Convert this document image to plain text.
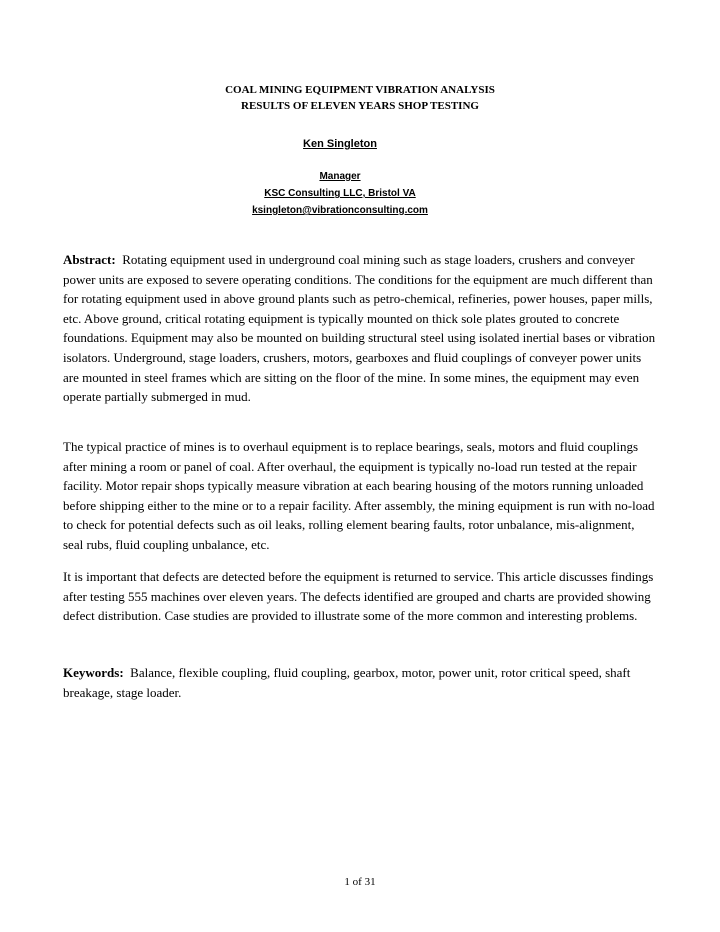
COAL MINING EQUIPMENT VIBRATION ANALYSIS
RESULTS OF ELEVEN YEARS SHOP TESTING
Ken Singleton
Manager
KSC Consulting LLC, Bristol VA
ksingleton@vibrationconsulting.com

Abstract: Rotating equipment used in underground coal mining such as stage loaders, crushers and conveyer power units are exposed to severe operating conditions. The conditions for the equipment are much different than for rotating equipment used in above ground plants such as petro-chemical, refineries, power houses, paper mills, etc. Above ground, critical rotating equipment is typically mounted on thick sole plates grouted to concrete foundations. Equipment may also be mounted on building structural steel using isolated inertial bases or vibration isolators. Underground, stage loaders, crushers, motors, gearboxes and fluid couplings of conveyer power units are mounted in steel frames which are sitting on the floor of the mine. In some mines, the equipment may even operate partially submerged in mud.

The typical practice of mines is to overhaul equipment is to replace bearings, seals, motors and fluid couplings after mining a room or panel of coal. After overhaul, the equipment is typically no-load run tested at the repair facility. Motor repair shops typically measure vibration at each bearing housing of the motors running unloaded before shipping either to the mine or to a repair facility. After assembly, the mining equipment is run with no-load to check for potential defects such as oil leaks, rolling element bearing faults, rotor unbalance, mis-alignment, seal rubs, fluid coupling unbalance, etc.

It is important that defects are detected before the equipment is returned to service. This article discusses findings after testing 555 machines over eleven years. The defects identified are grouped and charts are provided showing defect distribution. Case studies are provided to illustrate some of the more common and interesting problems.

Keywords: Balance, flexible coupling, fluid coupling, gearbox, motor, power unit, rotor critical speed, shaft breakage, stage loader.

1 of 31
